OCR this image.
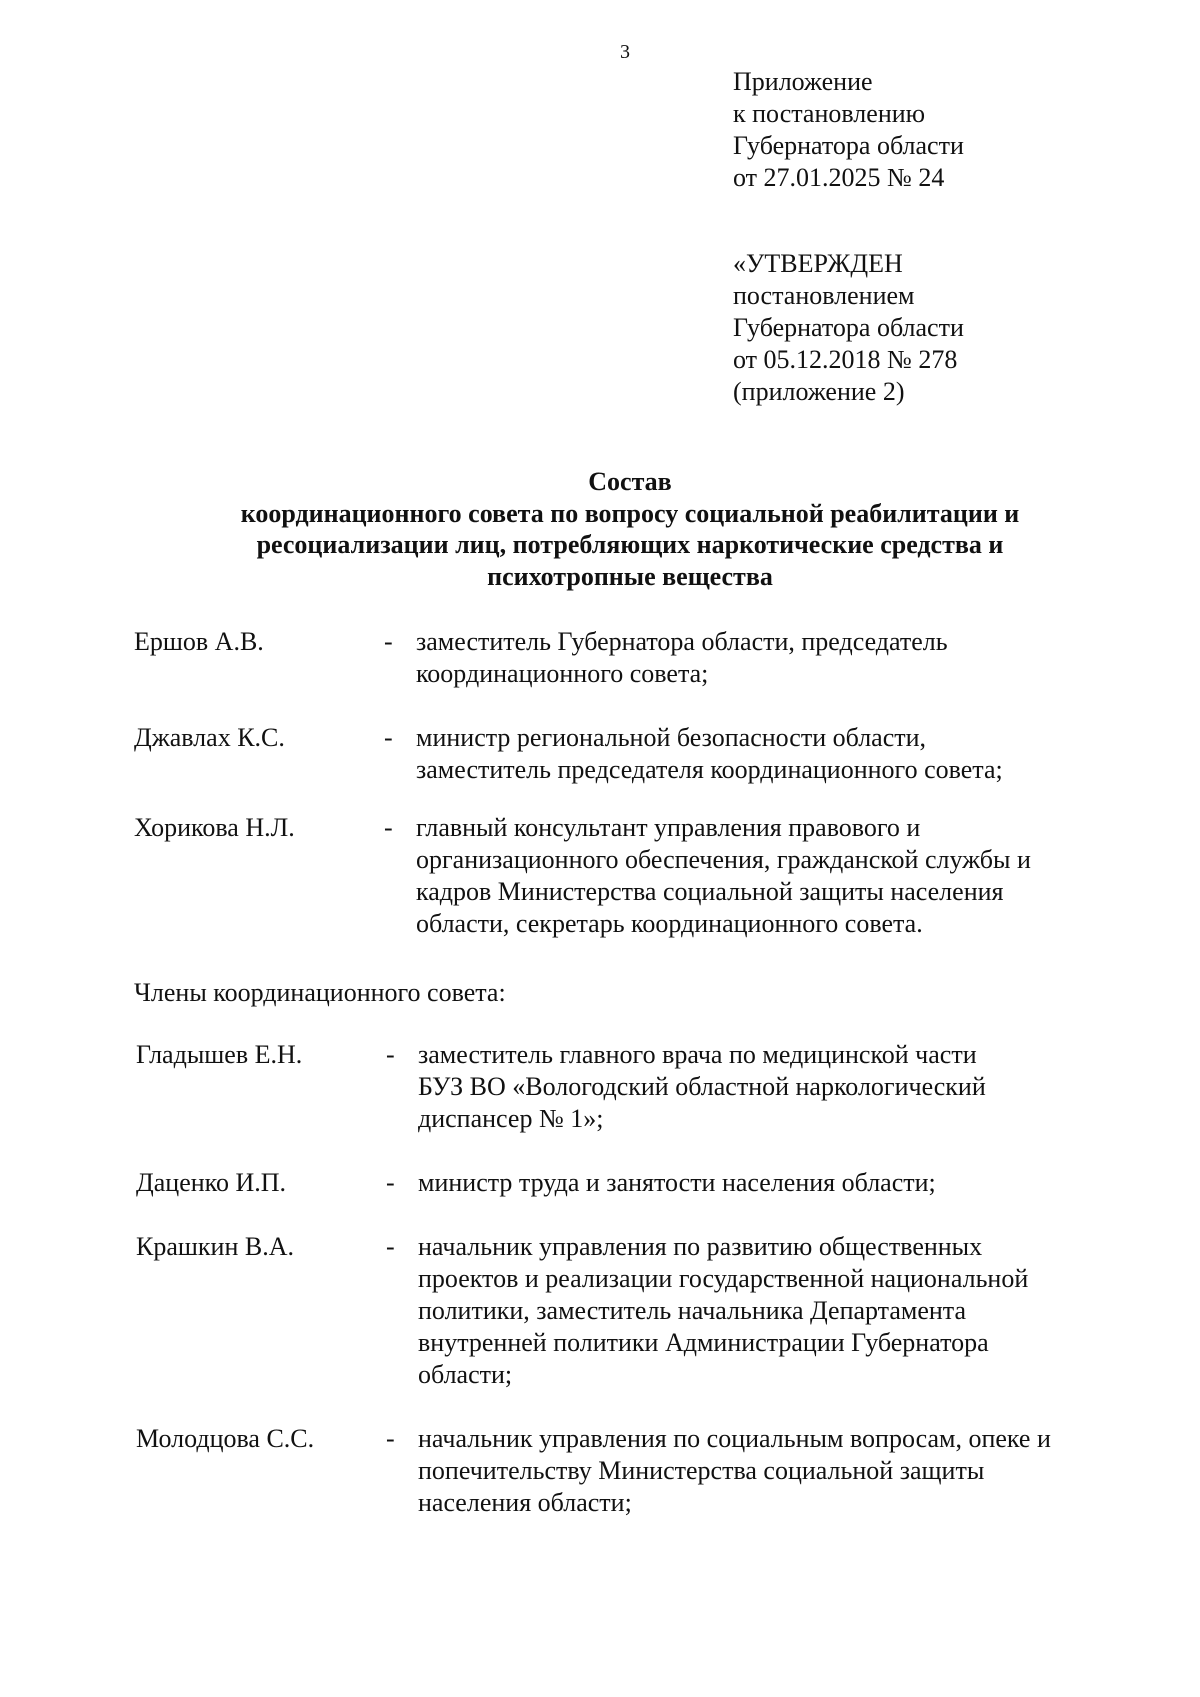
3
Приложение
к постановлению
Губернатора области
от 27.01.2025 № 24
«УТВЕРЖДЕН
постановлением
Губернатора области
от 05.12.2018 № 278
(приложение 2)
Состав
координационного совета по вопросу социальной реабилитации и
ресоциализации лиц, потребляющих наркотические средства и
психотропные вещества
Ершов А.В.	- заместитель Губернатора области, председатель
координационного совета;
Джавлах К.С.	- министр региональной безопасности области,
заместитель председателя координационного совета;
Хорикова Н.Л.	- главный консультант управления правового и
организационного обеспечения, гражданской службы и
кадров Министерства социальной защиты населения
области, секретарь координационного совета.
Члены координационного совета:
Гладышев Е.Н.	- заместитель главного врача по медицинской части
БУЗ ВО «Вологодский областной наркологический
диспансер № 1»;
Даценко И.П.	- министр труда и занятости населения области;
Крашкин В.А.	- начальник управления по развитию общественных
проектов и реализации государственной национальной
политики, заместитель начальника Департамента
внутренней политики Администрации Губернатора
области;
Молодцова С.С.	- начальник управления по социальным вопросам, опеке и
попечительству Министерства социальной защиты
населения области;
